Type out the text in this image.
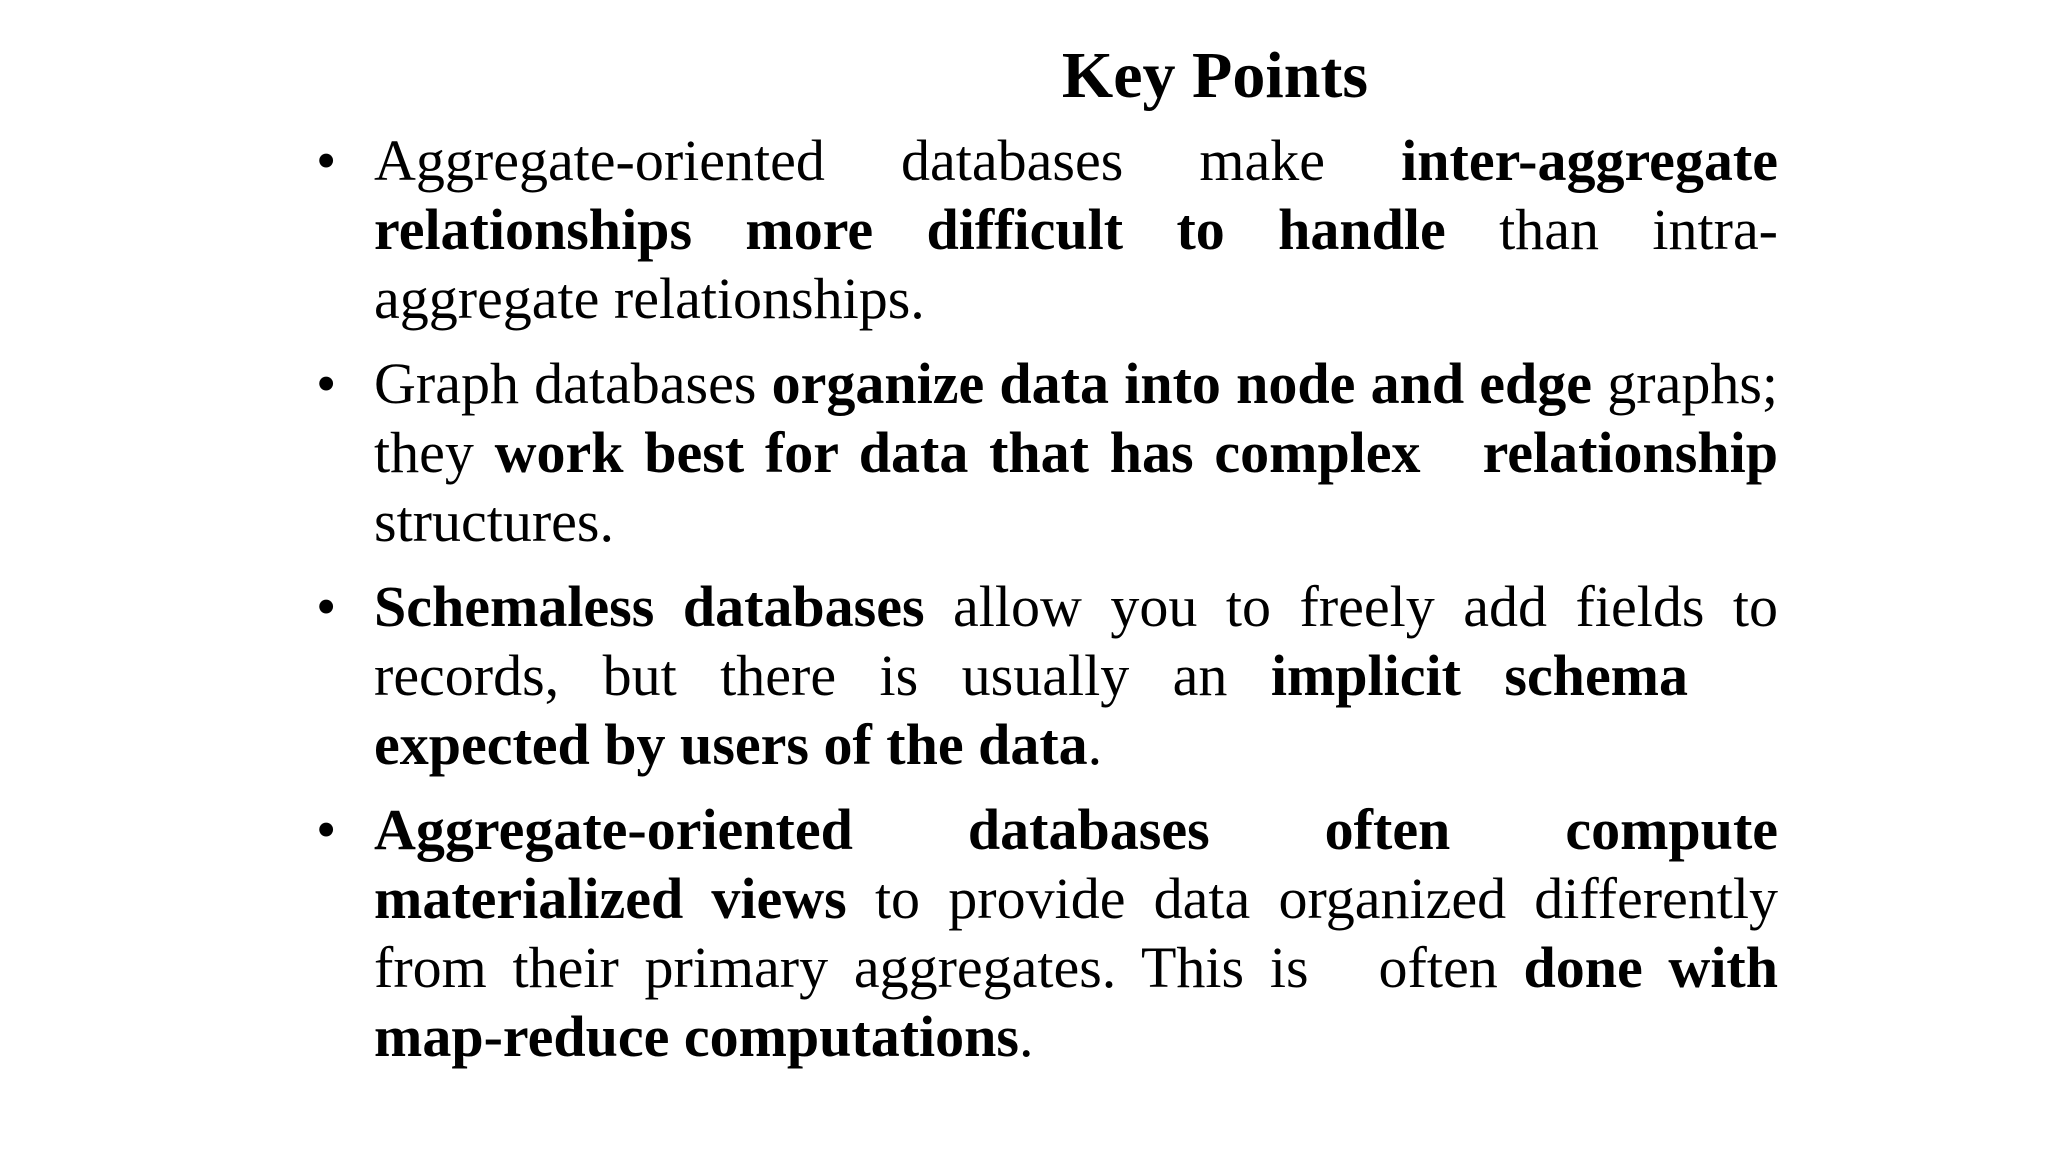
Key Points
• Aggregate-oriented databases make inter-aggregate relationships more difficult to handle than intra- aggregate relationships.
• Graph databases organize data into node and edge graphs; they work best for data that has complex relationship structures.
• Schemaless databases allow you to freely add fields to records, but there is usually an implicit schemaexpected by users of the data.
• Aggregate-oriented databases often compute materialized views to provide data organized differently from their primary aggregates. This is often done with map-reduce computations.
